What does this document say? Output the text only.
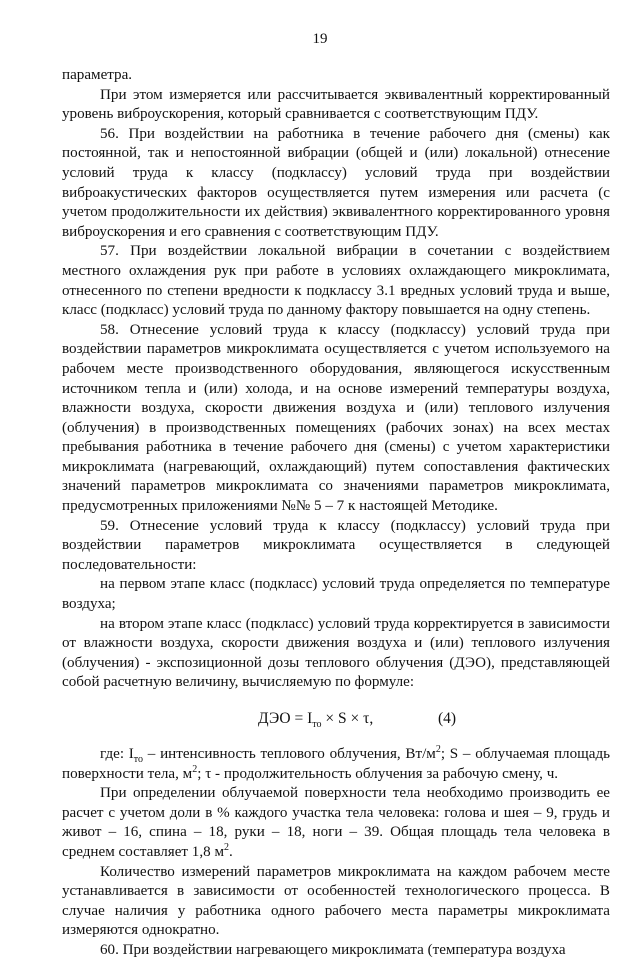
19

параметра.

При этом измеряется или рассчитывается эквивалентный корректированный уровень виброускорения, который сравнивается с соответствующим ПДУ.

56. При воздействии на работника в течение рабочего дня (смены) как постоянной, так и непостоянной вибрации (общей и (или) локальной) отнесение условий труда к классу (подклассу) условий труда при воздействии виброакустических факторов осуществляется путем измерения или расчета (с учетом продолжительности их действия) эквивалентного корректированного уровня виброускорения и его сравнения с соответствующим ПДУ.

57. При воздействии локальной вибрации в сочетании с воздействием местного охлаждения рук при работе в условиях охлаждающего микроклимата, отнесенного по степени вредности к подклассу 3.1 вредных условий труда и выше, класс (подкласс) условий труда по данному фактору повышается на одну степень.

58. Отнесение условий труда к классу (подклассу) условий труда при воздействии параметров микроклимата осуществляется с учетом используемого на рабочем месте производственного оборудования, являющегося искусственным источником тепла и (или) холода, и на основе измерений температуры воздуха, влажности воздуха, скорости движения воздуха и (или) теплового излучения (облучения) в производственных помещениях (рабочих зонах) на всех местах пребывания работника в течение рабочего дня (смены) с учетом характеристики микроклимата (нагревающий, охлаждающий) путем сопоставления фактических значений параметров микроклимата со значениями параметров микроклимата, предусмотренных приложениями №№ 5 – 7 к настоящей Методике.

59. Отнесение условий труда к классу (подклассу) условий труда при воздействии параметров микроклимата осуществляется в следующей последовательности:

на первом этапе класс (подкласс) условий труда определяется по температуре воздуха;

на втором этапе класс (подкласс) условий труда корректируется в зависимости от влажности воздуха, скорости движения воздуха и (или) теплового излучения (облучения) - экспозиционной дозы теплового облучения (ДЭО), представляющей собой расчетную величину, вычисляемую по формуле:

ДЭО = $I_{то} \times S \times \tau$,	(4)

где: $I_{то}$ – интенсивность теплового облучения, $Вт/м^2$; S – облучаемая площадь поверхности тела, $м^2$; τ - продолжительность облучения за рабочую смену, ч.

При определении облучаемой поверхности тела необходимо производить ее расчет с учетом доли в % каждого участка тела человека: голова и шея – 9, грудь и живот – 16, спина – 18, руки – 18, ноги – 39. Общая площадь тела человека в среднем составляет 1,8 $м^2$.

Количество измерений параметров микроклимата на каждом рабочем месте устанавливается в зависимости от особенностей технологического процесса. В случае наличия у работника одного рабочего места параметры микроклимата измеряются однократно.

60. При воздействии нагревающего микроклимата (температура воздуха
